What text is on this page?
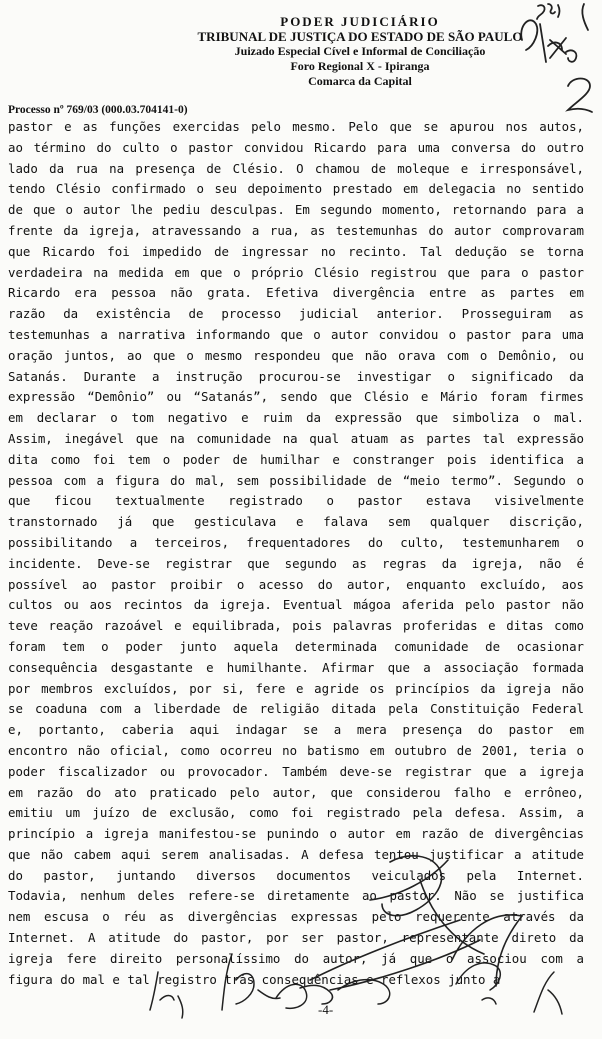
PODER JUDICIÁRIO
TRIBUNAL DE JUSTIÇA DO ESTADO DE SÃO PAULO
Juizado Especial Cível e Informal de Conciliação
Foro Regional X - Ipiranga
Comarca da Capital
Processo nº 769/03 (000.03.704141-0)
pastor e as funções exercidas pelo mesmo. Pelo que se apurou nos autos,
ao término do culto o pastor convidou Ricardo para uma conversa do outro
lado da rua na presença de Clésio. O chamou de moleque e irresponsável,
tendo Clésio confirmado o seu depoimento prestado em delegacia no sentido
de que o autor lhe pediu desculpas. Em segundo momento, retornando para a
frente da igreja, atravessando a rua, as testemunhas do autor comprovaram
que Ricardo foi impedido de ingressar no recinto. Tal dedução se torna
verdadeira na medida em que o próprio Clésio registrou que para o pastor
Ricardo era pessoa não grata. Efetiva divergência entre as partes em
razão da existência de processo judicial anterior. Prosseguiram as
testemunhas a narrativa informando que o autor convidou o pastor para uma
oração juntos, ao que o mesmo respondeu que não orava com o Demônio, ou
Satanás. Durante a instrução procurou-se investigar o significado da
expressão “Demônio” ou “Satanás”, sendo que Clésio e Mário foram firmes
em declarar o tom negativo e ruim da expressão que simboliza o mal.
Assim, inegável que na comunidade na qual atuam as partes tal expressão
dita como foi tem o poder de humilhar e constranger pois identifica a
pessoa com a figura do mal, sem possibilidade de “meio termo”. Segundo o
que ficou textualmente registrado o pastor estava visivelmente
transtornado já que gesticulava e falava sem qualquer discrição,
possibilitando a terceiros, frequentadores do culto, testemunharem o
incidente. Deve-se registrar que segundo as regras da igreja, não é
possível ao pastor proibir o acesso do autor, enquanto excluído, aos
cultos ou aos recintos da igreja. Eventual mágoa aferida pelo pastor não
teve reação razoável e equilibrada, pois palavras proferidas e ditas como
foram tem o poder junto aquela determinada comunidade de ocasionar
consequência desgastante e humilhante. Afirmar que a associação formada
por membros excluídos, por si, fere e agride os princípios da igreja não
se coaduna com a liberdade de religião ditada pela Constituição Federal
e, portanto, caberia aqui indagar se a mera presença do pastor em
encontro não oficial, como ocorreu no batismo em outubro de 2001, teria o
poder fiscalizador ou provocador. Também deve-se registrar que a igreja
em razão do ato praticado pelo autor, que considerou falho e errôneo,
emitiu um juízo de exclusão, como foi registrado pela defesa. Assim, a
princípio a igreja manifestou-se punindo o autor em razão de divergências
que não cabem aqui serem analisadas. A defesa tentou justificar a atitude
do pastor, juntando diversos documentos veiculados pela Internet.
Todavia, nenhum deles refere-se diretamente ao pastor. Não se justifica
nem escusa o réu as divergências expressas pelo requerente através da
Internet. A atitude do pastor, por ser pastor, representante direto da
igreja fere direito personalíssimo do autor, já que o associou com a
figura do mal e tal registro trás consequências e reflexos junto a
-4-
